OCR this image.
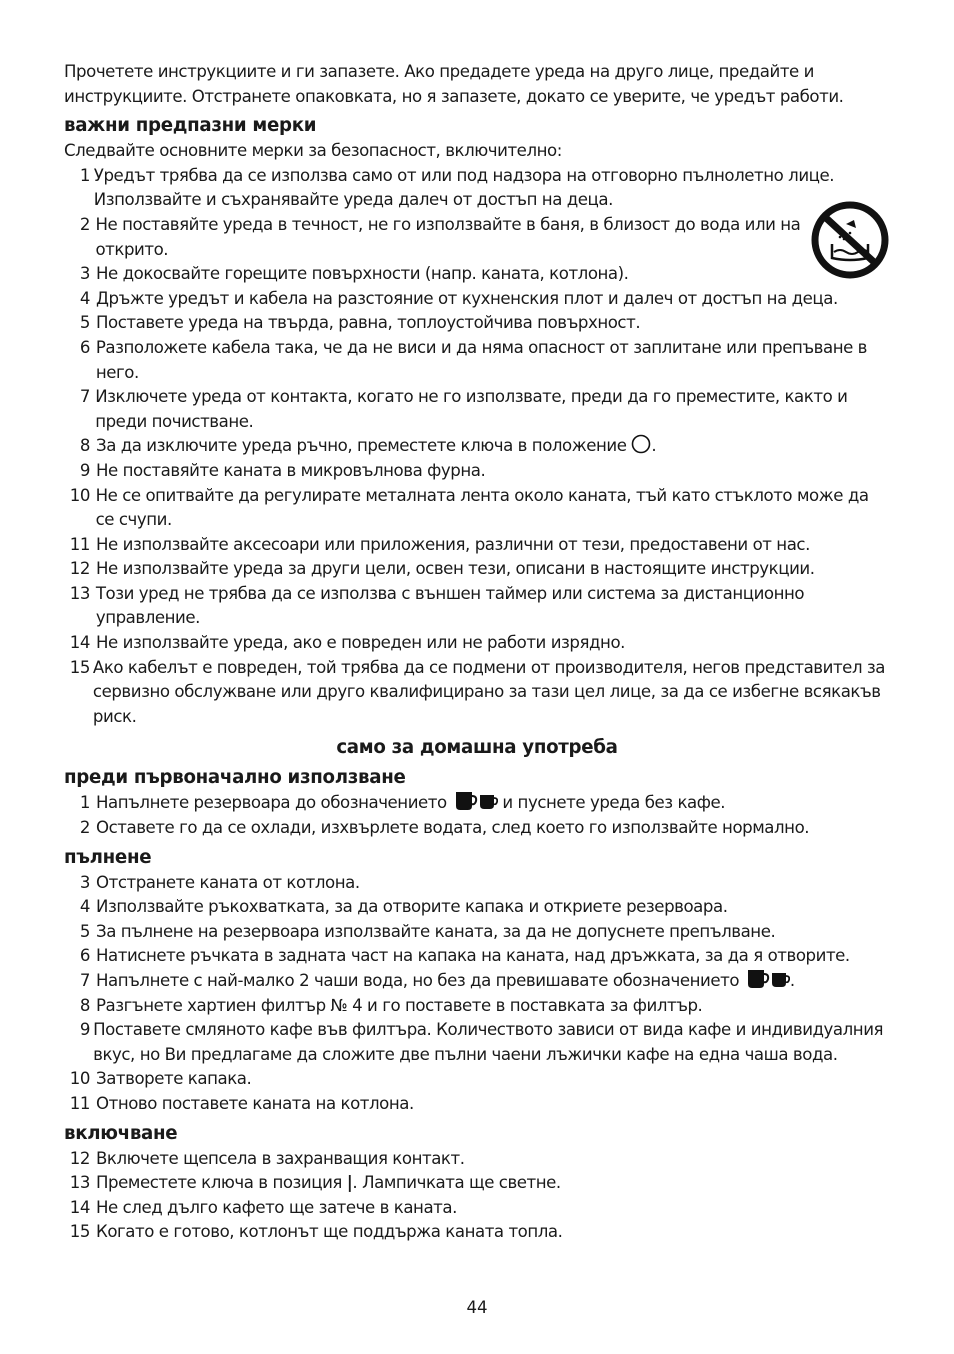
Прочетете инструкциите и ги запазете. Ако предадете уреда на друго лице, предайте и инструкциите. Отстранете опаковката, но я запазете, докато се уверите, че уредът работи.

важни предпазни мерки

Следвайте основните мерки за безопасност, включително:

1 Уредът трябва да се използва само от или под надзора на отговорно пълнолетно лице. Използвайте и съхранявайте уреда далеч от достъп на деца.
2 Не поставяйте уреда в течност, не го използвайте в баня, в близост до вода или на открито.
3 Не докосвайте горещите повърхности (напр. каната, котлона).
4 Дръжте уредът и кабела на разстояние от кухненския плот и далеч от достъп на деца.
5 Поставете уреда на твърда, равна, топлоустойчива повърхност.
6 Разположете кабела така, че да не виси и да няма опасност от заплитане или препъване в него.
7 Изключете уреда от контакта, когато не го използвате, преди да го преместите, както и преди почистване.
8 За да изключите уреда ръчно, преместете ключа в положение .
9 Не поставяйте каната в микровълнова фурна.
10 Не се опитвайте да регулирате металната лента около каната, тъй като стъклото може да се счупи.
11 Не използвайте аксесоари или приложения, различни от тези, предоставени от нас.
12 Не използвайте уреда за други цели, освен тези, описани в настоящите инструкции.
13 Този уред не трябва да се използва с външен таймер или система за дистанционно управление.
14 Не използвайте уреда, ако е повреден или не работи изрядно.
15 Ако кабелът е повреден, той трябва да се подмени от производителя, негов представител за сервизно обслужване или друго квалифицирано за тази цел лице, за да се избегне всякакъв риск.
само за домашна употреба
преди първоначално използване
1 Напълнете резервоара до обозначението	и пуснете уреда без кафе.
2 Оставете го да се охлади, изхвърлете водата, след което го използвайте нормално.
пълнене
3 Отстранете каната от котлона.
4 Използвайте ръкохватката, за да отворите капака и откриете резервоара.
5 За пълнене на резервоара използвайте каната, за да не допуснете препълване.
6 Натиснете ръчката в задната част на капака на каната, над дръжката, за да я отворите.
7 Напълнете с най-малко 2 чаши вода, но без да превишавате обозначението	.
8 Разгънете хартиен филтър № 4 и го поставете в поставката за филтър.
9 Поставете смляното кафе във филтъра. Количеството зависи от вида кафе и индивидуалния вкус, но Ви предлагаме да сложите две пълни чаени лъжички кафе на една чаша вода.
10 Затворете капака.
11 Отново поставете каната на котлона.
включване
12 Включете щепсела в захранващия контакт.
13 Преместете ключа в позиция |. Лампичката ще светне.
14 Не след дълго кафето ще затече в каната.
15 Когато е готово, котлонът ще поддържа каната топла.
44
